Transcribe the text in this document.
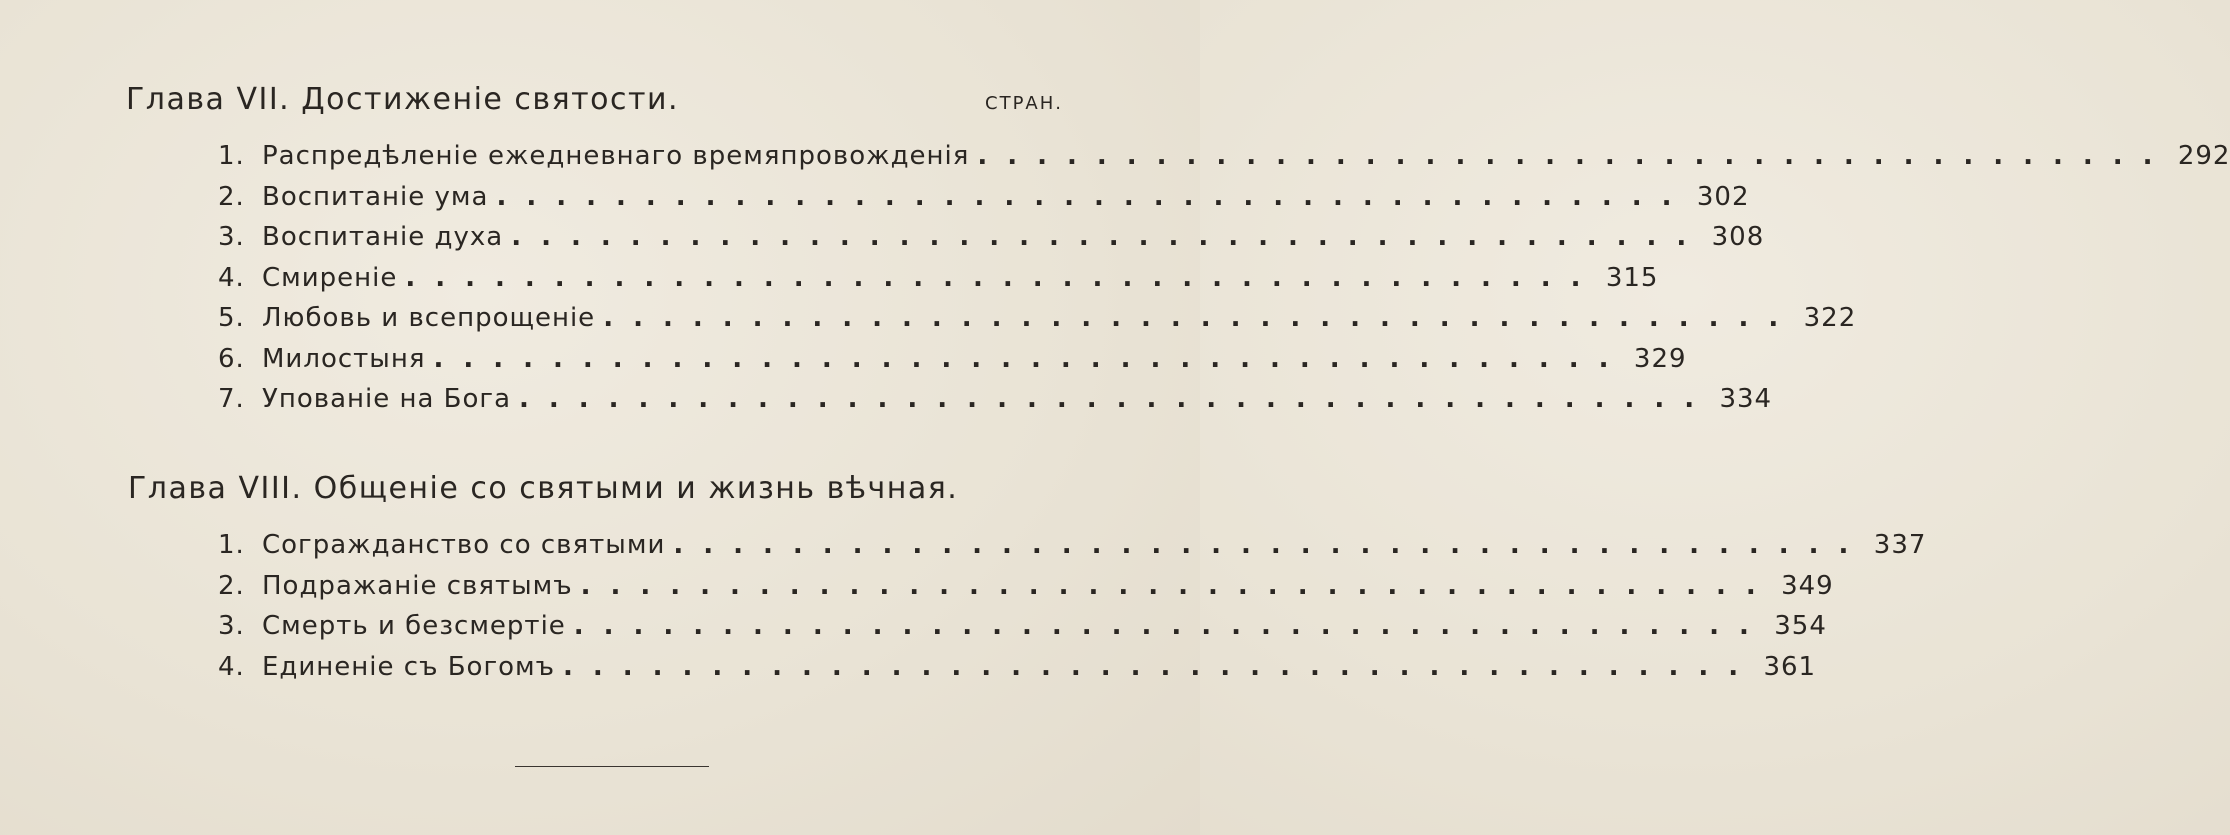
Глава VII. Достиженіе святости.	СТРАН.
1. Распредѣленіе ежедневнаго времяпровожденія ........................................ 292
2. Воспитаніе ума ........................................ 302
3. Воспитаніе духа ........................................ 308
4. Смиреніе ........................................ 315
5. Любовь и всепрощеніе ........................................ 322
6. Милостыня ........................................ 329
7. Упованіе на Бога ........................................ 334
Глава VIII. Общеніе со святыми и жизнь вѣчная.
1. Согражданство со святыми ........................................ 337
2. Подражаніе святымъ ........................................ 349
3. Смерть и безсмертіе ........................................ 354
4. Единеніе съ Богомъ ........................................ 361
